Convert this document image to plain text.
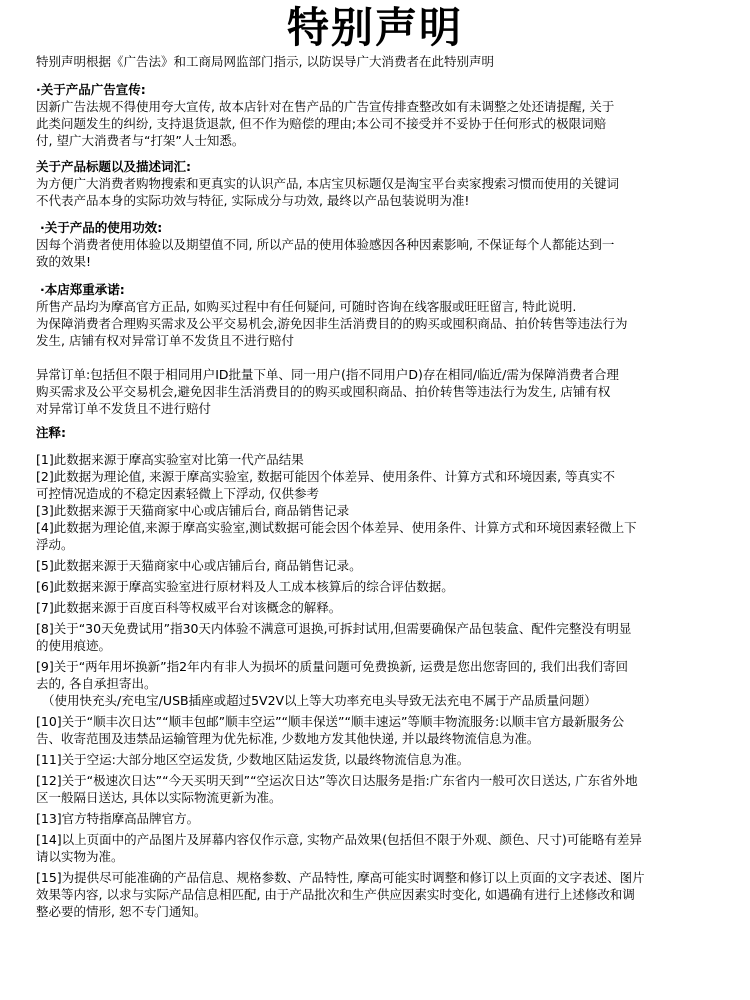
特别声明
特别声明根据《广告法》和工商局网监部门指示, 以防误导广大消费者在此特别声明
·关于产品广告宣传:
因新广告法规不得使用夸大宣传, 故本店针对在售产品的广告宣传排查整改如有未调整之处还请提醒, 关于
此类问题发生的纠纷, 支持退货退款, 但不作为赔偿的理由;本公司不接受并不妥协于任何形式的极限词赔
付, 望广大消费者与“打架”人士知悉。
关于产品标题以及描述词汇:
为方便广大消费者购物搜索和更真实的认识产品, 本店宝贝标题仅是淘宝平台卖家搜索习惯而使用的关键词
不代表产品本身的实际功效与特征, 实际成分与功效, 最终以产品包装说明为准!
·关于产品的使用功效:
因每个消费者使用体验以及期望值不同, 所以产品的使用体验感因各种因素影响, 不保证每个人都能达到一
致的效果!
·本店郑重承诺:
所售产品均为摩高官方正品, 如购买过程中有任何疑问, 可随时咨询在线客服或旺旺留言, 特此说明.
为保障消费者合理购买需求及公平交易机会,游免因非生活消费目的的购买或囤积商品、拍价转售等违法行为
发生, 店铺有权对异常订单不发货且不进行赔付
异常订单:包括但不限于相同用户ID批量下单、同一用户(指不同用户D)存在相同/临近/需为保障消费者合理
购买需求及公平交易机会,避免因非生活消费目的的购买或囤积商品、拍价转售等违法行为发生, 店铺有权
对异常订单不发货且不进行赔付
注释:
[1]此数据来源于摩高实验室对比第一代产品结果
[2]此数据为理论值, 来源于摩高实验室, 数据可能因个体差异、使用条件、计算方式和环境因素, 等真实不
可控情况造成的不稳定因素轻微上下浮动, 仅供参考
[3]此数据来源于天猫商家中心或店铺后台, 商品销售记录
[4]此数据为理论值,来源于摩高实验室,测试数据可能会因个体差异、使用条件、计算方式和环境因素轻微上下
浮动。
[5]此数据来源于天猫商家中心或店铺后台, 商品销售记录。
[6]此数据来源于摩高实验室进行原材料及人工成本核算后的综合评估数据。
[7]此数据来源于百度百科等权威平台对该概念的解释。
[8]关于“30天免费试用”指30天内体验不满意可退换,可拆封试用,但需要确保产品包装盒、配件完整没有明显
的使用痕迹。
[9]关于“两年用坏换新”指2年内有非人为损坏的质量问题可免费换新, 运费是您出您寄回的, 我们出我们寄回
去的, 各自承担寄出。
（使用快充头/充电宝/USB插座或超过5V2V以上等大功率充电头导致无法充电不属于产品质量问题）
[10]关于“顺丰次日达”“顺丰包邮”顺丰空运”“顺丰保送”“顺丰速运”等顺丰物流服务:以顺丰官方最新服务公
告、收寄范围及违禁品运输管理为优先标准, 少数地方发其他快递, 并以最终物流信息为准。
[11]关于空运:大部分地区空运发货, 少数地区陆运发货, 以最终物流信息为准。
[12]关于“极速次日达”“今天买明天到”“空运次日达”等次日达服务是指:广东省内一般可次日送达, 广东省外地
区一般隔日送达, 具体以实际物流更新为准。
[13]官方特指摩高品牌官方。
[14]以上页面中的产品图片及屏幕内容仅作示意, 实物产品效果(包括但不限于外观、颜色、尺寸)可能略有差异
请以实物为准。
[15]为提供尽可能准确的产品信息、规格参数、产品特性, 摩高可能实时调整和修订以上页面的文字表述、图片
效果等内容, 以求与实际产品信息相匹配, 由于产品批次和生产供应因素实时变化, 如遇确有进行上述修改和调
整必要的情形, 恕不专门通知。
